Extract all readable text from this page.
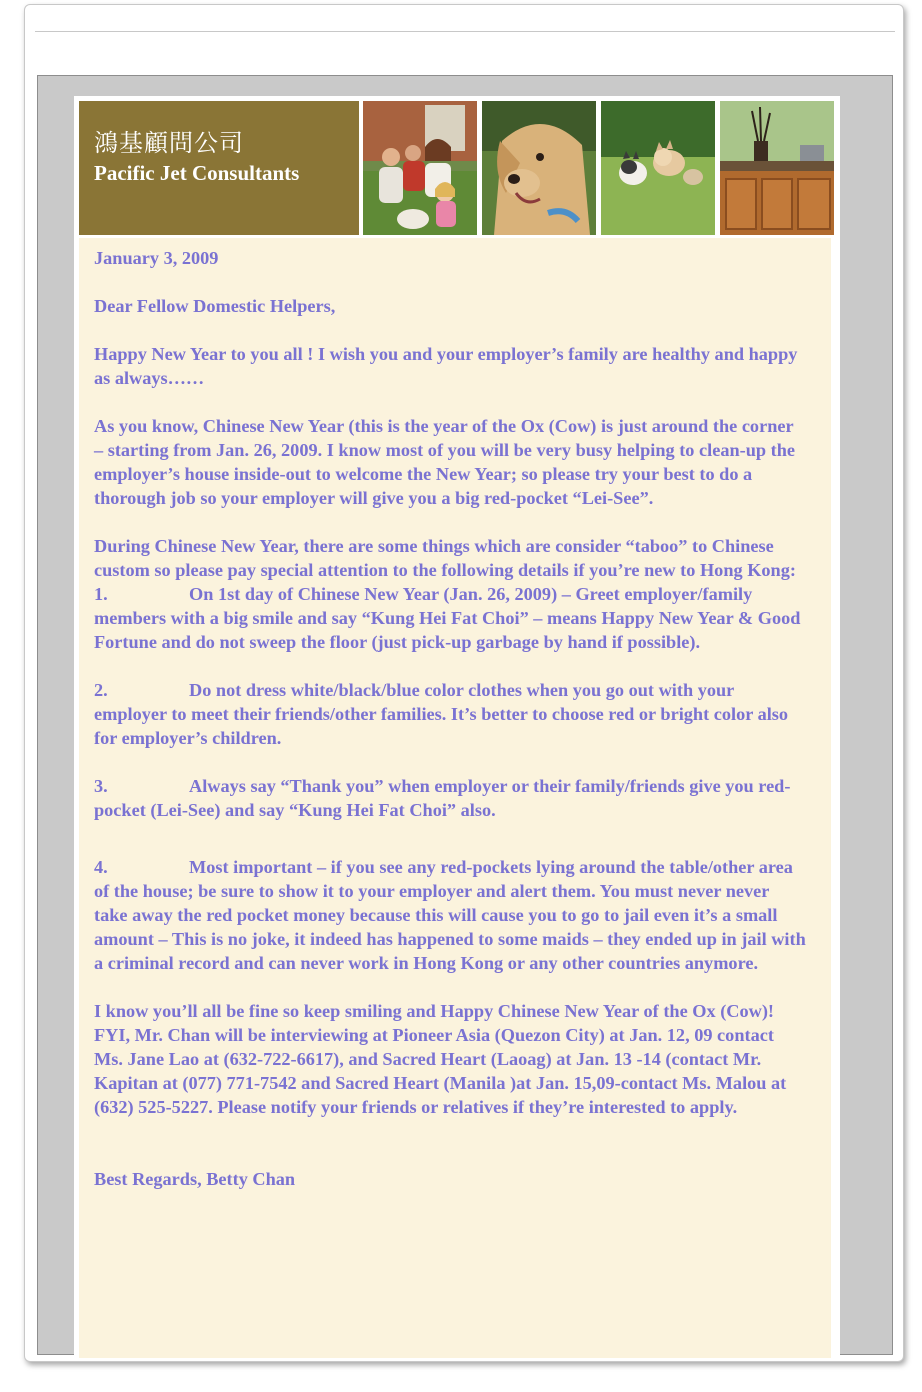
鴻基顧問公司
Pacific Jet Consultants

January 3, 2009

Dear Fellow Domestic Helpers,

Happy New Year to you all ! I wish you and your employer’s family are healthy and happy as always……

As you know, Chinese New Year (this is the year of the Ox (Cow) is just around the corner – starting from Jan. 26, 2009. I know most of you will be very busy helping to clean-up the employer’s house inside-out to welcome the New Year; so please try your best to do a thorough job so your employer will give you a big red-pocket “Lei-See”.

During Chinese New Year, there are some things which are consider “taboo” to Chinese custom so please pay special attention to the following details if you’re new to Hong Kong:

1.	On 1st day of Chinese New Year (Jan. 26, 2009) – Greet employer/family members with a big smile and say “Kung Hei Fat Choi” – means Happy New Year & Good Fortune and do not sweep the floor (just pick-up garbage by hand if possible).

2.	Do not dress white/black/blue color clothes when you go out with your employer to meet their friends/other families. It’s better to choose red or bright color also for employer’s children.

3.	Always say “Thank you” when employer or their family/friends give you red-pocket (Lei-See) and say “Kung Hei Fat Choi” also.

4.	Most important – if you see any red-pockets lying around the table/other area of the house; be sure to show it to your employer and alert them. You must never never take away the red pocket money because this will cause you to go to jail even it’s a small amount – This is no joke, it indeed has happened to some maids – they ended up in jail with a criminal record and can never work in Hong Kong or any other countries anymore.

I know you’ll all be fine so keep smiling and Happy Chinese New Year of the Ox (Cow)! FYI, Mr. Chan will be interviewing at Pioneer Asia (Quezon City) at Jan. 12, 09 contact Ms. Jane Lao at (632-722-6617), and Sacred Heart (Laoag) at Jan. 13 -14 (contact Mr. Kapitan at (077) 771-7542 and Sacred Heart (Manila )at Jan. 15,09-contact Ms. Malou at (632) 525-5227. Please notify your friends or relatives if they’re interested to apply.

Best Regards, Betty Chan
